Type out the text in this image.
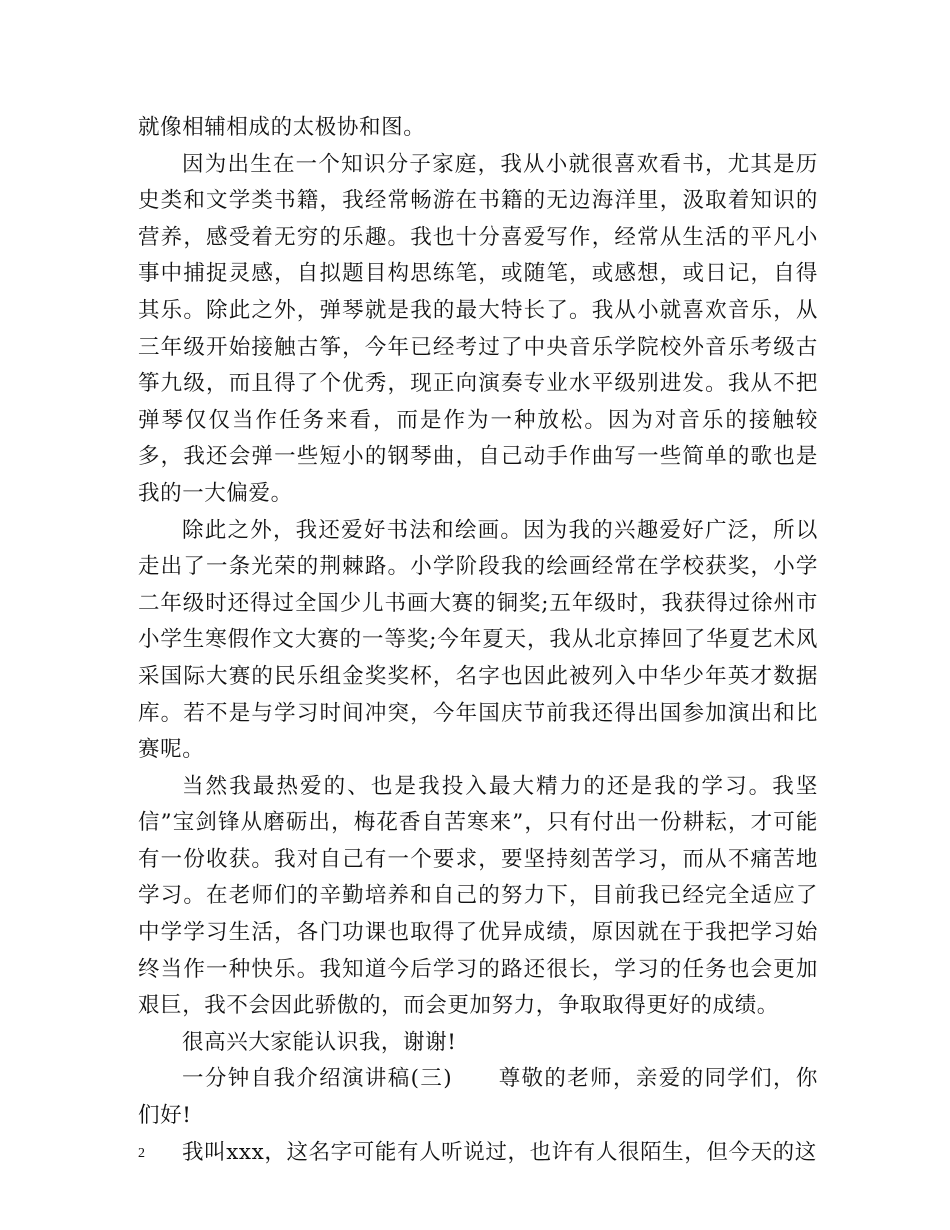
就像相辅相成的太极协和图。

因为出生在一个知识分子家庭，我从小就很喜欢看书，尤其是历史类和文学类书籍，我经常畅游在书籍的无边海洋里，汲取着知识的营养，感受着无穷的乐趣。我也十分喜爱写作，经常从生活的平凡小事中捕捉灵感，自拟题目构思练笔，或随笔，或感想，或日记，自得其乐。除此之外，弹琴就是我的最大特长了。我从小就喜欢音乐，从三年级开始接触古筝，今年已经考过了中央音乐学院校外音乐考级古筝九级，而且得了个优秀，现正向演奏专业水平级别进发。我从不把弹琴仅仅当作任务来看，而是作为一种放松。因为对音乐的接触较多，我还会弹一些短小的钢琴曲，自己动手作曲写一些简单的歌也是我的一大偏爱。

除此之外，我还爱好书法和绘画。因为我的兴趣爱好广泛，所以走出了一条光荣的荆棘路。小学阶段我的绘画经常在学校获奖，小学二年级时还得过全国少儿书画大赛的铜奖;五年级时，我获得过徐州市小学生寒假作文大赛的一等奖;今年夏天，我从北京捧回了华夏艺术风采国际大赛的民乐组金奖奖杯，名字也因此被列入中华少年英才数据库。若不是与学习时间冲突，今年国庆节前我还得出国参加演出和比赛呢。

当然我最热爱的、也是我投入最大精力的还是我的学习。我坚信”宝剑锋从磨砺出，梅花香自苦寒来”，只有付出一份耕耘，才可能有一份收获。我对自己有一个要求，要坚持刻苦学习，而从不痛苦地学习。在老师们的辛勤培养和自己的努力下，目前我已经完全适应了中学学习生活，各门功课也取得了优异成绩，原因就在于我把学习始终当作一种快乐。我知道今后学习的路还很长，学习的任务也会更加艰巨，我不会因此骄傲的，而会更加努力，争取取得更好的成绩。

很高兴大家能认识我，谢谢!

一分钟自我介绍演讲稿(三)　　尊敬的老师，亲爱的同学们，你们好!

我叫xxx，这名字可能有人听说过，也许有人很陌生，但今天的这

2
